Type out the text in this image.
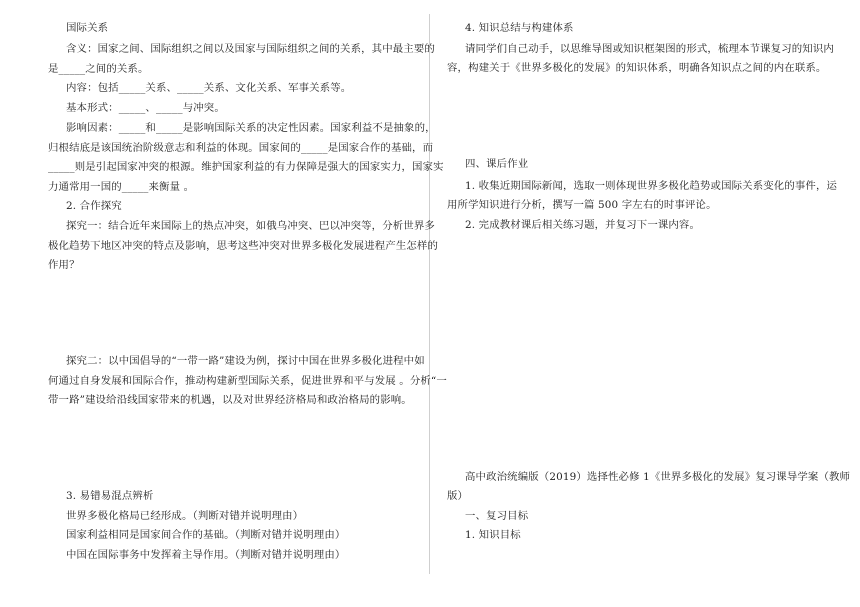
国际关系
含义：国家之间、国际组织之间以及国家与国际组织之间的关系，其中最主要的
是_____之间的关系。
内容：包括_____关系、_____关系、文化关系、军事关系等。
基本形式：_____、_____与冲突。
影响因素：_____和_____是影响国际关系的决定性因素。国家利益不是抽象的，
归根结底是该国统治阶级意志和利益的体现。国家间的_____是国家合作的基础，而
_____则是引起国家冲突的根源。维护国家利益的有力保障是强大的国家实力，国家实
力通常用一国的_____来衡量 。
2. 合作探究
探究一：结合近年来国际上的热点冲突，如俄乌冲突、巴以冲突等，分析世界多
极化趋势下地区冲突的特点及影响，思考这些冲突对世界多极化发展进程产生怎样的
作用？
探究二：以中国倡导的“一带一路”建设为例，探讨中国在世界多极化进程中如
何通过自身发展和国际合作，推动构建新型国际关系，促进世界和平与发展 。分析“一
带一路”建设给沿线国家带来的机遇，以及对世界经济格局和政治格局的影响。
3. 易错易混点辨析
世界多极化格局已经形成。（判断对错并说明理由）
国家利益相同是国家间合作的基础。（判断对错并说明理由）
中国在国际事务中发挥着主导作用。（判断对错并说明理由）
4. 知识总结与构建体系
请同学们自己动手，以思维导图或知识框架图的形式，梳理本节课复习的知识内
容，构建关于《世界多极化的发展》的知识体系，明确各知识点之间的内在联系。
四、课后作业
1. 收集近期国际新闻，选取一则体现世界多极化趋势或国际关系变化的事件，运
用所学知识进行分析，撰写一篇 500 字左右的时事评论。
2. 完成教材课后相关练习题，并复习下一课内容。
高中政治统编版（2019）选择性必修 1《世界多极化的发展》复习课导学案（教师
版）
一、复习目标
1. 知识目标
